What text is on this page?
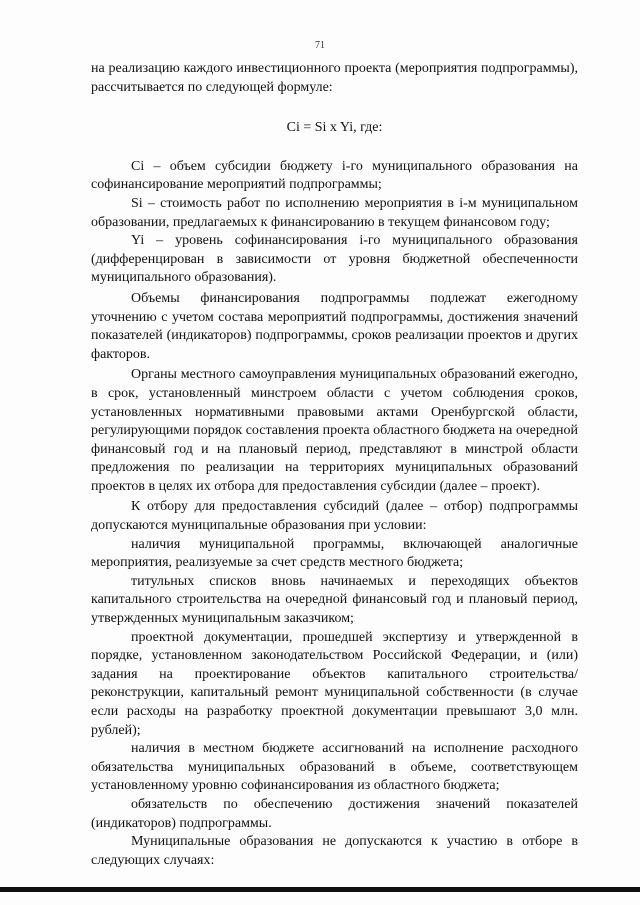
71

на реализацию каждого инвестиционного проекта (мероприятия подпрограммы), рассчитывается по следующей формуле:

Ci = Si x Yi, где:

Ci – объем субсидии бюджету i-го муниципального образования на софинансирование мероприятий подпрограммы;

Si – стоимость работ по исполнению мероприятия в i-м муниципальном образовании, предлагаемых к финансированию в текущем финансовом году;

Yi – уровень софинансирования i-го муниципального образования (дифференцирован в зависимости от уровня бюджетной обеспеченности муниципального образования).

Объемы финансирования подпрограммы подлежат ежегодному уточнению с учетом состава мероприятий подпрограммы, достижения значений показателей (индикаторов) подпрограммы, сроков реализации проектов и других факторов.

Органы местного самоуправления муниципальных образований ежегодно, в срок, установленный минстроем области с учетом соблюдения сроков, установленных нормативными правовыми актами Оренбургской области, регулирующими порядок составления проекта областного бюджета на очередной финансовый год и на плановый период, представляют в минстрой области предложения по реализации на территориях муниципальных образований проектов в целях их отбора для предоставления субсидии (далее – проект).

К отбору для предоставления субсидий (далее – отбор) подпрограммы допускаются муниципальные образования при условии:

наличия муниципальной программы, включающей аналогичные мероприятия, реализуемые за счет средств местного бюджета;

титульных списков вновь начинаемых и переходящих объектов капитального строительства на очередной финансовый год и плановый период, утвержденных муниципальным заказчиком;

проектной документации, прошедшей экспертизу и утвержденной в порядке, установленном законодательством Российской Федерации, и (или) задания на проектирование объектов капитального строительства/реконструкции, капитальный ремонт муниципальной собственности (в случае если расходы на разработку проектной документации превышают 3,0 млн. рублей);

наличия в местном бюджете ассигнований на исполнение расходного обязательства муниципальных образований в объеме, соответствующем установленному уровню софинансирования из областного бюджета;

обязательств по обеспечению достижения значений показателей (индикаторов) подпрограммы.

Муниципальные образования не допускаются к участию в отборе в следующих случаях:
